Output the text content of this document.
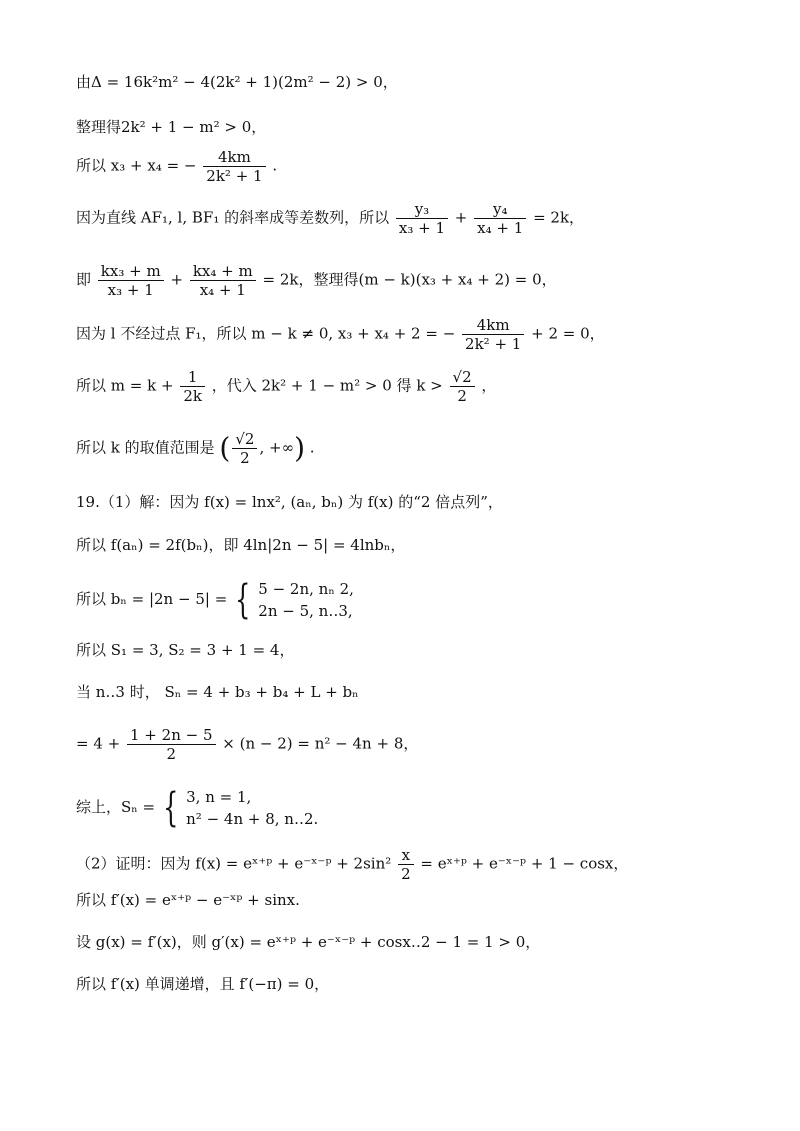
由Δ = 16k²m² − 4(2k² + 1)(2m² − 2) > 0，
整理得2k² + 1 − m² > 0，
所以 x₃ + x₄ = − $\frac{4km}{\text{2k² + 1}}$ .
因为直线 AF₁, l, BF₁ 的斜率成等差数列，所以 $\frac{\text{y₃}}{\text{x₃ + 1}} + \frac{\text{y₄}}{\text{x₄ + 1}} = 2k$，
即 $\frac{\text{kx₃ + m}}{\text{x₃ + 1}} + \frac{\text{kx₄ + m}}{\text{x₄ + 1}} = 2k$，整理得(m − k)(x₃ + x₄ + 2) = 0，
因为 l 不经过点 F₁，所以 m − k ≠ 0, x₃ + x₄ + 2 = − $\frac{4km}{\text{2k² + 1}} + 2 = 0$，
所以 $m = k + \frac{1}{2k}$ ，代入 2k² + 1 − m² > 0 得 $k > \frac{√2}{2}$ ，
所以 k 的取值范围是 ( $\frac{√2}{2}$ , +∞) .
19.（1）解：因为 f(x) = lnx², (aₙ, bₙ) 为 f(x) 的“2 倍点列”，
所以 f(aₙ) = 2f(bₙ)，即 4ln|2n − 5| = 4lnbₙ，
所以 bₙ = |2n − 5| = { 5 − 2n, nₙ 2,
2n − 5, n‥3,
所以 S₁ = 3, S₂ = 3 + 1 = 4，
当 n‥3 时， Sₙ = 4 + b₃ + b₄ + L + bₙ
= $4 + \frac{1 + 2n - 5}{2} \times (n - 2) = n^2 - 4n + 8$，
综上，Sₙ = { 3, n = 1,
n² − 4n + 8, n‥2.
（2）证明：因为 f(x) = eˣ⁺ᵖ + e⁻ˣ⁻ᵖ + $2\sin^2 \frac{x}{2}$ = eˣ⁺ᵖ + e⁻ˣ⁻ᵖ + 1 − cosx，
所以 f′(x) = eˣ⁺ᵖ − e⁻ˣᵖ + sinx.
设 g(x) = f′(x)，则 g′(x) = eˣ⁺ᵖ + e⁻ˣ⁻ᵖ + cosx‥2 − 1 = 1 > 0，
所以 f′(x) 单调递增，且 f′(−π) = 0，
